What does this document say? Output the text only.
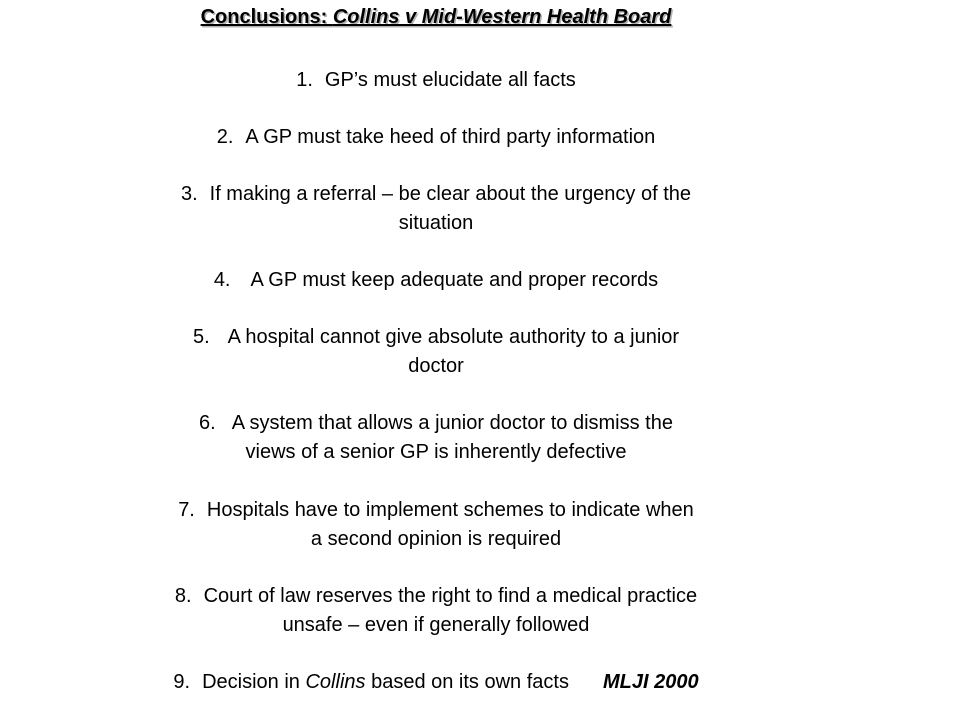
Conclusions: Collins v Mid-Western Health Board
1. GP’s must elucidate all facts
2. A GP must take heed of third party information
3. If making a referral – be clear about the urgency of the
situation
4. A GP must keep adequate and proper records
5. A hospital cannot give absolute authority to a junior
doctor
6. A system that allows a junior doctor to dismiss the
views of a senior GP is inherently defective
7. Hospitals have to implement schemes to indicate when
a second opinion is required
8. Court of law reserves the right to find a medical practice
unsafe – even if generally followed
9. Decision in Collins based on its own facts MLJI 2000
